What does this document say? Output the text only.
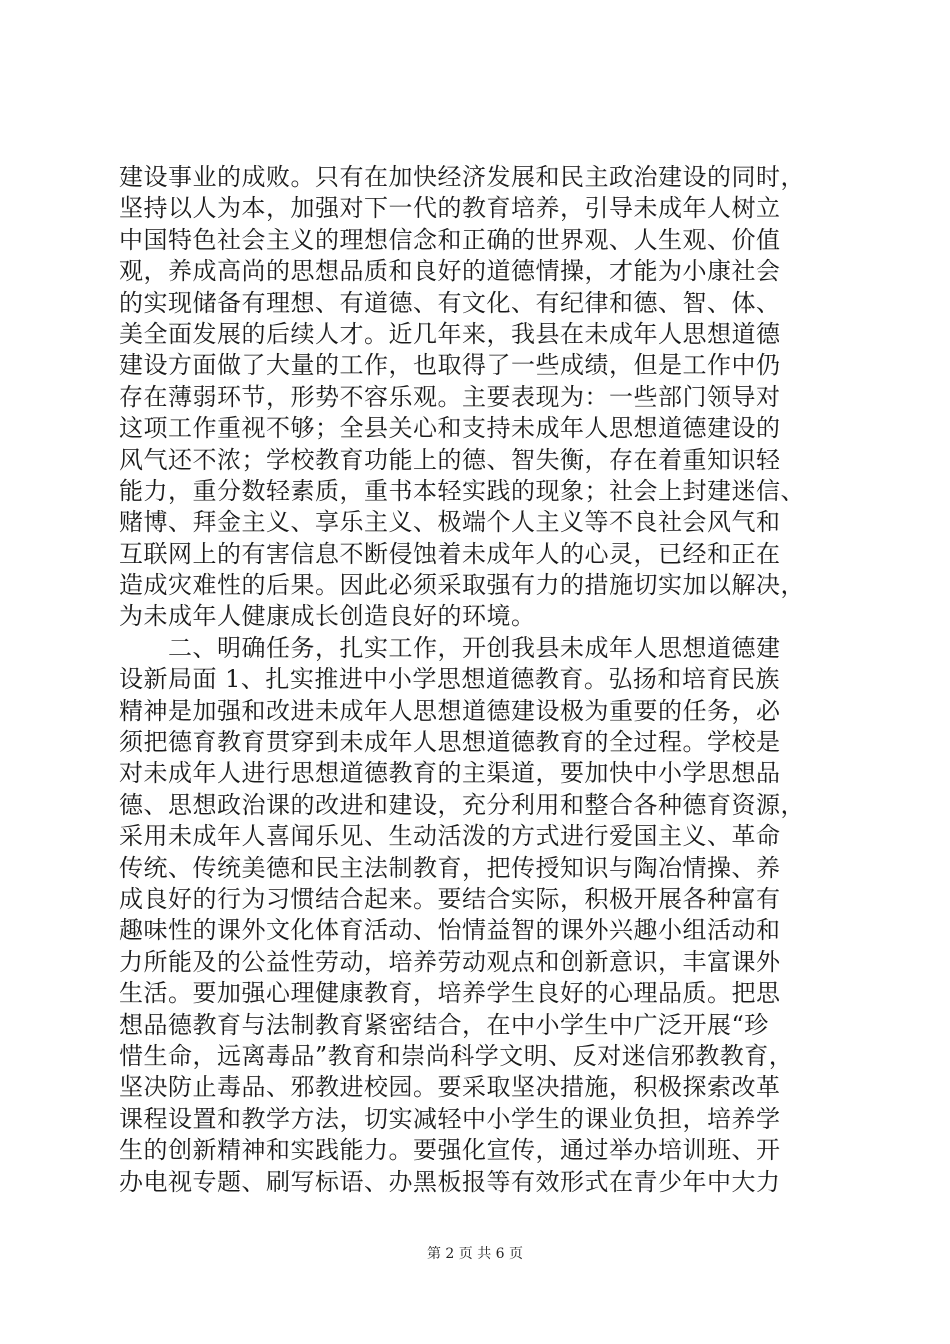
建设事业的成败。只有在加快经济发展和民主政治建设的同时，
坚持以人为本，加强对下一代的教育培养，引导未成年人树立
中国特色社会主义的理想信念和正确的世界观、人生观、价值
观，养成高尚的思想品质和良好的道德情操，才能为小康社会
的实现储备有理想、有道德、有文化、有纪律和德、智、体、
美全面发展的后续人才。近几年来，我县在未成年人思想道德
建设方面做了大量的工作，也取得了一些成绩，但是工作中仍
存在薄弱环节，形势不容乐观。主要表现为：一些部门领导对
这项工作重视不够；全县关心和支持未成年人思想道德建设的
风气还不浓；学校教育功能上的德、智失衡，存在着重知识轻
能力，重分数轻素质，重书本轻实践的现象；社会上封建迷信、
赌博、拜金主义、享乐主义、极端个人主义等不良社会风气和
互联网上的有害信息不断侵蚀着未成年人的心灵，已经和正在
造成灾难性的后果。因此必须采取强有力的措施切实加以解决，
为未成年人健康成长创造良好的环境。
　　二、明确任务，扎实工作，开创我县未成年人思想道德建
设新局面 1、扎实推进中小学思想道德教育。弘扬和培育民族
精神是加强和改进未成年人思想道德建设极为重要的任务，必
须把德育教育贯穿到未成年人思想道德教育的全过程。学校是
对未成年人进行思想道德教育的主渠道，要加快中小学思想品
德、思想政治课的改进和建设，充分利用和整合各种德育资源，
采用未成年人喜闻乐见、生动活泼的方式进行爱国主义、革命
传统、传统美德和民主法制教育，把传授知识与陶冶情操、养
成良好的行为习惯结合起来。要结合实际，积极开展各种富有
趣味性的课外文化体育活动、怡情益智的课外兴趣小组活动和
力所能及的公益性劳动，培养劳动观点和创新意识，丰富课外
生活。要加强心理健康教育，培养学生良好的心理品质。把思
想品德教育与法制教育紧密结合，在中小学生中广泛开展“珍
惜生命，远离毒品”教育和崇尚科学文明、反对迷信邪教教育，
坚决防止毒品、邪教进校园。要采取坚决措施，积极探索改革
课程设置和教学方法，切实减轻中小学生的课业负担，培养学
生的创新精神和实践能力。要强化宣传，通过举办培训班、开
办电视专题、刷写标语、办黑板报等有效形式在青少年中大力
第 2 页 共 6 页
